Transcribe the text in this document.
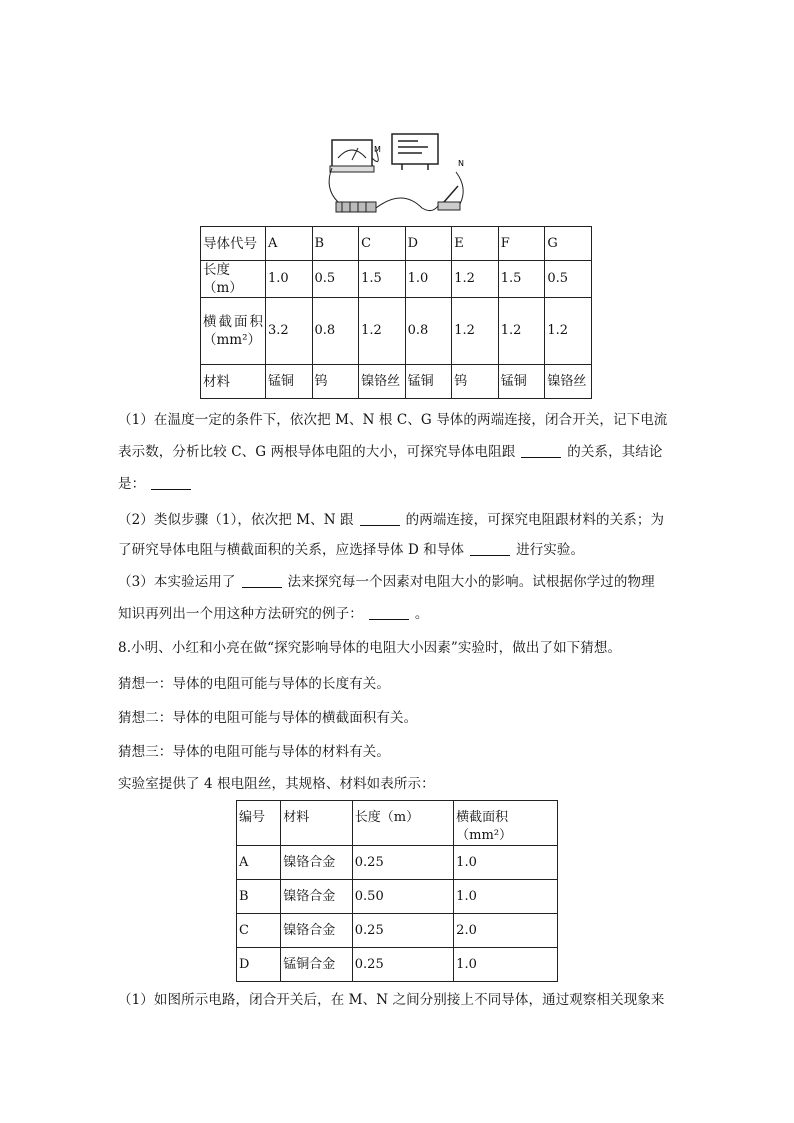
M
N
导体代号	A	B	C	D	E	F	G
长度（m）	1.0	0.5	1.5	1.0	1.2	1.5	0.5

横截面积
（mm²）	3.2	0.8	1.2	0.8	1.2	1.2	1.2
材料	锰铜	钨	镍铬丝	锰铜	钨	锰铜	镍铬丝
（1）在温度一定的条件下，依次把 M、N 根 C、G 导体的两端连接，闭合开关，记下电流
表示数，分析比较 C、G 两根导体电阻的大小，可探究导体电阻跟	的关系，其结论
是：
（2）类似步骤（1），依次把 M、N 跟	的两端连接，可探究电阻跟材料的关系；为
了研究导体电阻与横截面积的关系，应选择导体 D 和导体	进行实验。
（3）本实验运用了	法来探究每一个因素对电阻大小的影响。试根据你学过的物理
知识再列出一个用这种方法研究的例子：	。
8.小明、小红和小亮在做“探究影响导体的电阻大小因素”实验时，做出了如下猜想。
猜想一：导体的电阻可能与导体的长度有关。
猜想二：导体的电阻可能与导体的横截面积有关。
猜想三：导体的电阻可能与导体的材料有关。
实验室提供了 4 根电阻丝，其规格、材料如表所示：
编号	材料	长度（m）	横截面积（mm²）
A	镍铬合金	0.25	1.0
B	镍铬合金	0.50	1.0
C	镍铬合金	0.25	2.0
D	锰铜合金	0.25	1.0
（1）如图所示电路，闭合开关后，在 M、N 之间分别接上不同导体，通过观察相关现象来
